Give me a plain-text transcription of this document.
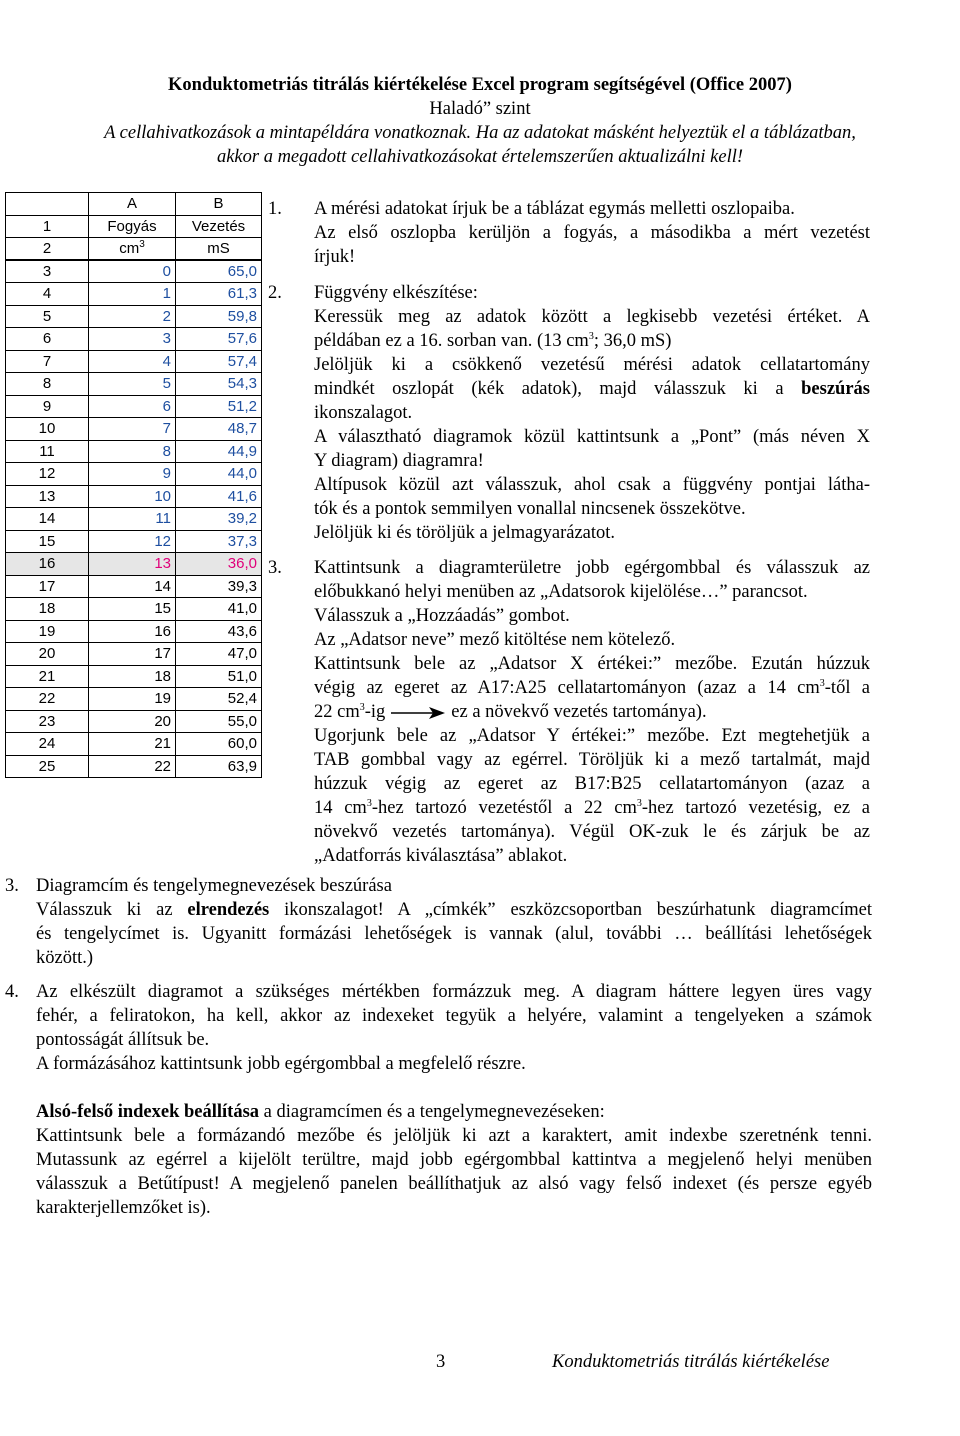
Konduktometriás titrálás kiértékelése Excel program segítségével (Office 2007)
Haladó” szint
A cellahivatkozások a mintapéldára vonatkoznak. Ha az adatokat másként helyeztük el a táblázatban,
akkor a megadott cellahivatkozásokat értelemszerűen aktualizálni kell!
	A	B
1	Fogyás	Vezetés
2	$cm^3$	mS
3	0	65,0
4	1	61,3
5	2	59,8
6	3	57,6
7	4	57,4
8	5	54,3
9	6	51,2
10	7	48,7
11	8	44,9
12	9	44,0
13	10	41,6
14	11	39,2
15	12	37,3
16	13	36,0
17	14	39,3
18	15	41,0
19	16	43,6
20	17	47,0
21	18	51,0
22	19	52,4
23	20	55,0
24	21	60,0
25	22	63,9
1. A mérési adatokat írjuk be a táblázat egymás melletti oszlopaiba.
Az első oszlopba kerüljön a fogyás, a másodikba a mért vezetést
írjuk!
2. Függvény elkészítése:
Keressük meg az adatok között a legkisebb vezetési értéket. A
példában ez a 16. sorban van. (13 $cm^3$; 36,0 mS)
Jelöljük ki a csökkenő vezetésű mérési adatok cellatartomány
mindkét oszlopát (kék adatok), majd válasszuk ki a beszúrás
ikonszalagot.
A választható diagramok közül kattintsunk a „Pont” (más néven X
Y diagram) diagramra!
Altípusok közül azt válasszuk, ahol csak a függvény pontjai látha-
tók és a pontok semmilyen vonallal nincsenek összekötve.
Jelöljük ki és töröljük a jelmagyarázatot.
3. Kattintsunk a diagramterületre jobb egérgombbal és válasszuk az
előbukkanó helyi menüben az „Adatsorok kijelölése…” parancsot.
Válasszuk a „Hozzáadás” gombot.
Az „Adatsor neve” mező kitöltése nem kötelező.
Kattintsunk bele az „Adatsor X értékei:” mezőbe. Ezután húzzuk
végig az egeret az A17:A25 cellatartományon (azaz a 14 $cm^3$-től a
22 $cm^3-ig$	ez a növekvő vezetés tartománya).
Ugorjunk bele az „Adatsor Y értékei:” mezőbe. Ezt megtehetjük a
TAB gombbal vagy az egérrel. Töröljük ki a mező tartalmát, majd
húzzuk végig az egeret az B17:B25 cellatartományon (azaz a
14 $cm^3$-hez tartozó vezetéstől a 22 $cm^3$-hez tartozó vezetésig, ez a
növekvő vezetés tartománya). Végül OK-zuk le és zárjuk be az
„Adatforrás kiválasztása” ablakot.
3. Diagramcím és tengelymegnevezések beszúrása
Válasszuk ki az elrendezés ikonszalagot! A „címkék” eszközcsoportban beszúrhatunk diagramcímet
és tengelycímet is. Ugyanitt formázási lehetőségek is vannak (alul, további … beállítási lehetőségek
között.)
4. Az elkészült diagramot a szükséges mértékben formázzuk meg. A diagram háttere legyen üres vagy
fehér, a feliratokon, ha kell, akkor az indexeket tegyük a helyére, valamint a tengelyeken a számok
pontosságát állítsuk be.
A formázásához kattintsunk jobb egérgombbal a megfelelő részre.
Alsó-felső indexek beállítása a diagramcímen és a tengelymegnevezéseken:
Kattintsunk bele a formázandó mezőbe és jelöljük ki azt a karaktert, amit indexbe szeretnénk tenni.
Mutassunk az egérrel a kijelölt terültre, majd jobb egérgombbal kattintva a megjelenő helyi menüben
válasszuk a Betűtípust! A megjelenő panelen beállíthatjuk az alsó vagy felső indexet (és persze egyéb
karakterjellemzőket is).
3	Konduktometriás titrálás kiértékelése
